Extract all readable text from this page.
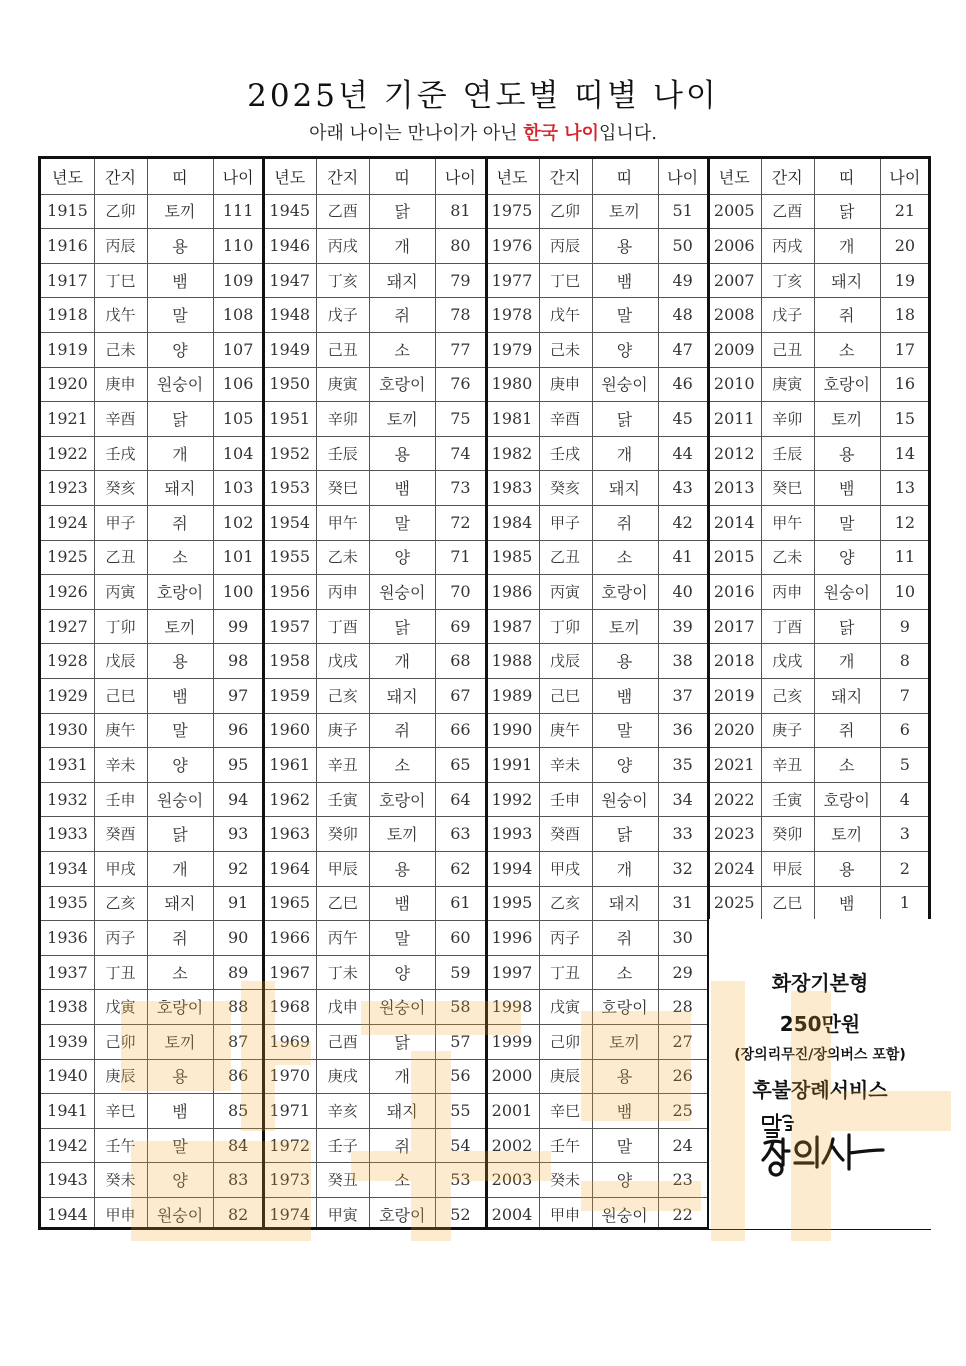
2025년 기준 연도별 띠별 나이
아래 나이는 만나이가 아닌 한국 나이입니다.
년도	간지	띠	나이	년도	간지	띠	나이	년도	간지	띠	나이	년도	간지	띠	나이
1915	乙卯	토끼	111	1945	乙酉	닭	81	1975	乙卯	토끼	51	2005	乙酉	닭	21
1916	丙辰	용	110	1946	丙戌	개	80	1976	丙辰	용	50	2006	丙戌	개	20
1917	丁巳	뱀	109	1947	丁亥	돼지	79	1977	丁巳	뱀	49	2007	丁亥	돼지	19
1918	戊午	말	108	1948	戊子	쥐	78	1978	戊午	말	48	2008	戊子	쥐	18
1919	己未	양	107	1949	己丑	소	77	1979	己未	양	47	2009	己丑	소	17
1920	庚申	원숭이	106	1950	庚寅	호랑이	76	1980	庚申	원숭이	46	2010	庚寅	호랑이	16
1921	辛酉	닭	105	1951	辛卯	토끼	75	1981	辛酉	닭	45	2011	辛卯	토끼	15
1922	壬戌	개	104	1952	壬辰	용	74	1982	壬戌	개	44	2012	壬辰	용	14
1923	癸亥	돼지	103	1953	癸巳	뱀	73	1983	癸亥	돼지	43	2013	癸巳	뱀	13
1924	甲子	쥐	102	1954	甲午	말	72	1984	甲子	쥐	42	2014	甲午	말	12
1925	乙丑	소	101	1955	乙未	양	71	1985	乙丑	소	41	2015	乙未	양	11
1926	丙寅	호랑이	100	1956	丙申	원숭이	70	1986	丙寅	호랑이	40	2016	丙申	원숭이	10
1927	丁卯	토끼	99	1957	丁酉	닭	69	1987	丁卯	토끼	39	2017	丁酉	닭	9
1928	戊辰	용	98	1958	戊戌	개	68	1988	戊辰	용	38	2018	戊戌	개	8
1929	己巳	뱀	97	1959	己亥	돼지	67	1989	己巳	뱀	37	2019	己亥	돼지	7
1930	庚午	말	96	1960	庚子	쥐	66	1990	庚午	말	36	2020	庚子	쥐	6
1931	辛未	양	95	1961	辛丑	소	65	1991	辛未	양	35	2021	辛丑	소	5
1932	壬申	원숭이	94	1962	壬寅	호랑이	64	1992	壬申	원숭이	34	2022	壬寅	호랑이	4
1933	癸酉	닭	93	1963	癸卯	토끼	63	1993	癸酉	닭	33	2023	癸卯	토끼	3
1934	甲戌	개	92	1964	甲辰	용	62	1994	甲戌	개	32	2024	甲辰	용	2
1935	乙亥	돼지	91	1965	乙巳	뱀	61	1995	乙亥	돼지	31	2025	乙巳	뱀	1
1936	丙子	쥐	90	1966	丙午	말	60	1996	丙子	쥐	30
1937	丁丑	소	89	1967	丁未	양	59	1997	丁丑	소	29
1938	戊寅	호랑이	88	1968	戊申	원숭이	58	1998	戊寅	호랑이	28
1939	己卯	토끼	87	1969	己酉	닭	57	1999	己卯	토끼	27
1940	庚辰	용	86	1970	庚戌	개	56	2000	庚辰	용	26
1941	辛巳	뱀	85	1971	辛亥	돼지	55	2001	辛巳	뱀	25
1942	壬午	말	84	1972	壬子	쥐	54	2002	壬午	말	24
1943	癸未	양	83	1973	癸丑	소	53	2003	癸未	양	23
1944	甲申	원숭이	82	1974	甲寅	호랑이	52	2004	甲申	원숭이	22
화장기본형
250만원
(장의리무진/장의버스 포함)
후불장례서비스
